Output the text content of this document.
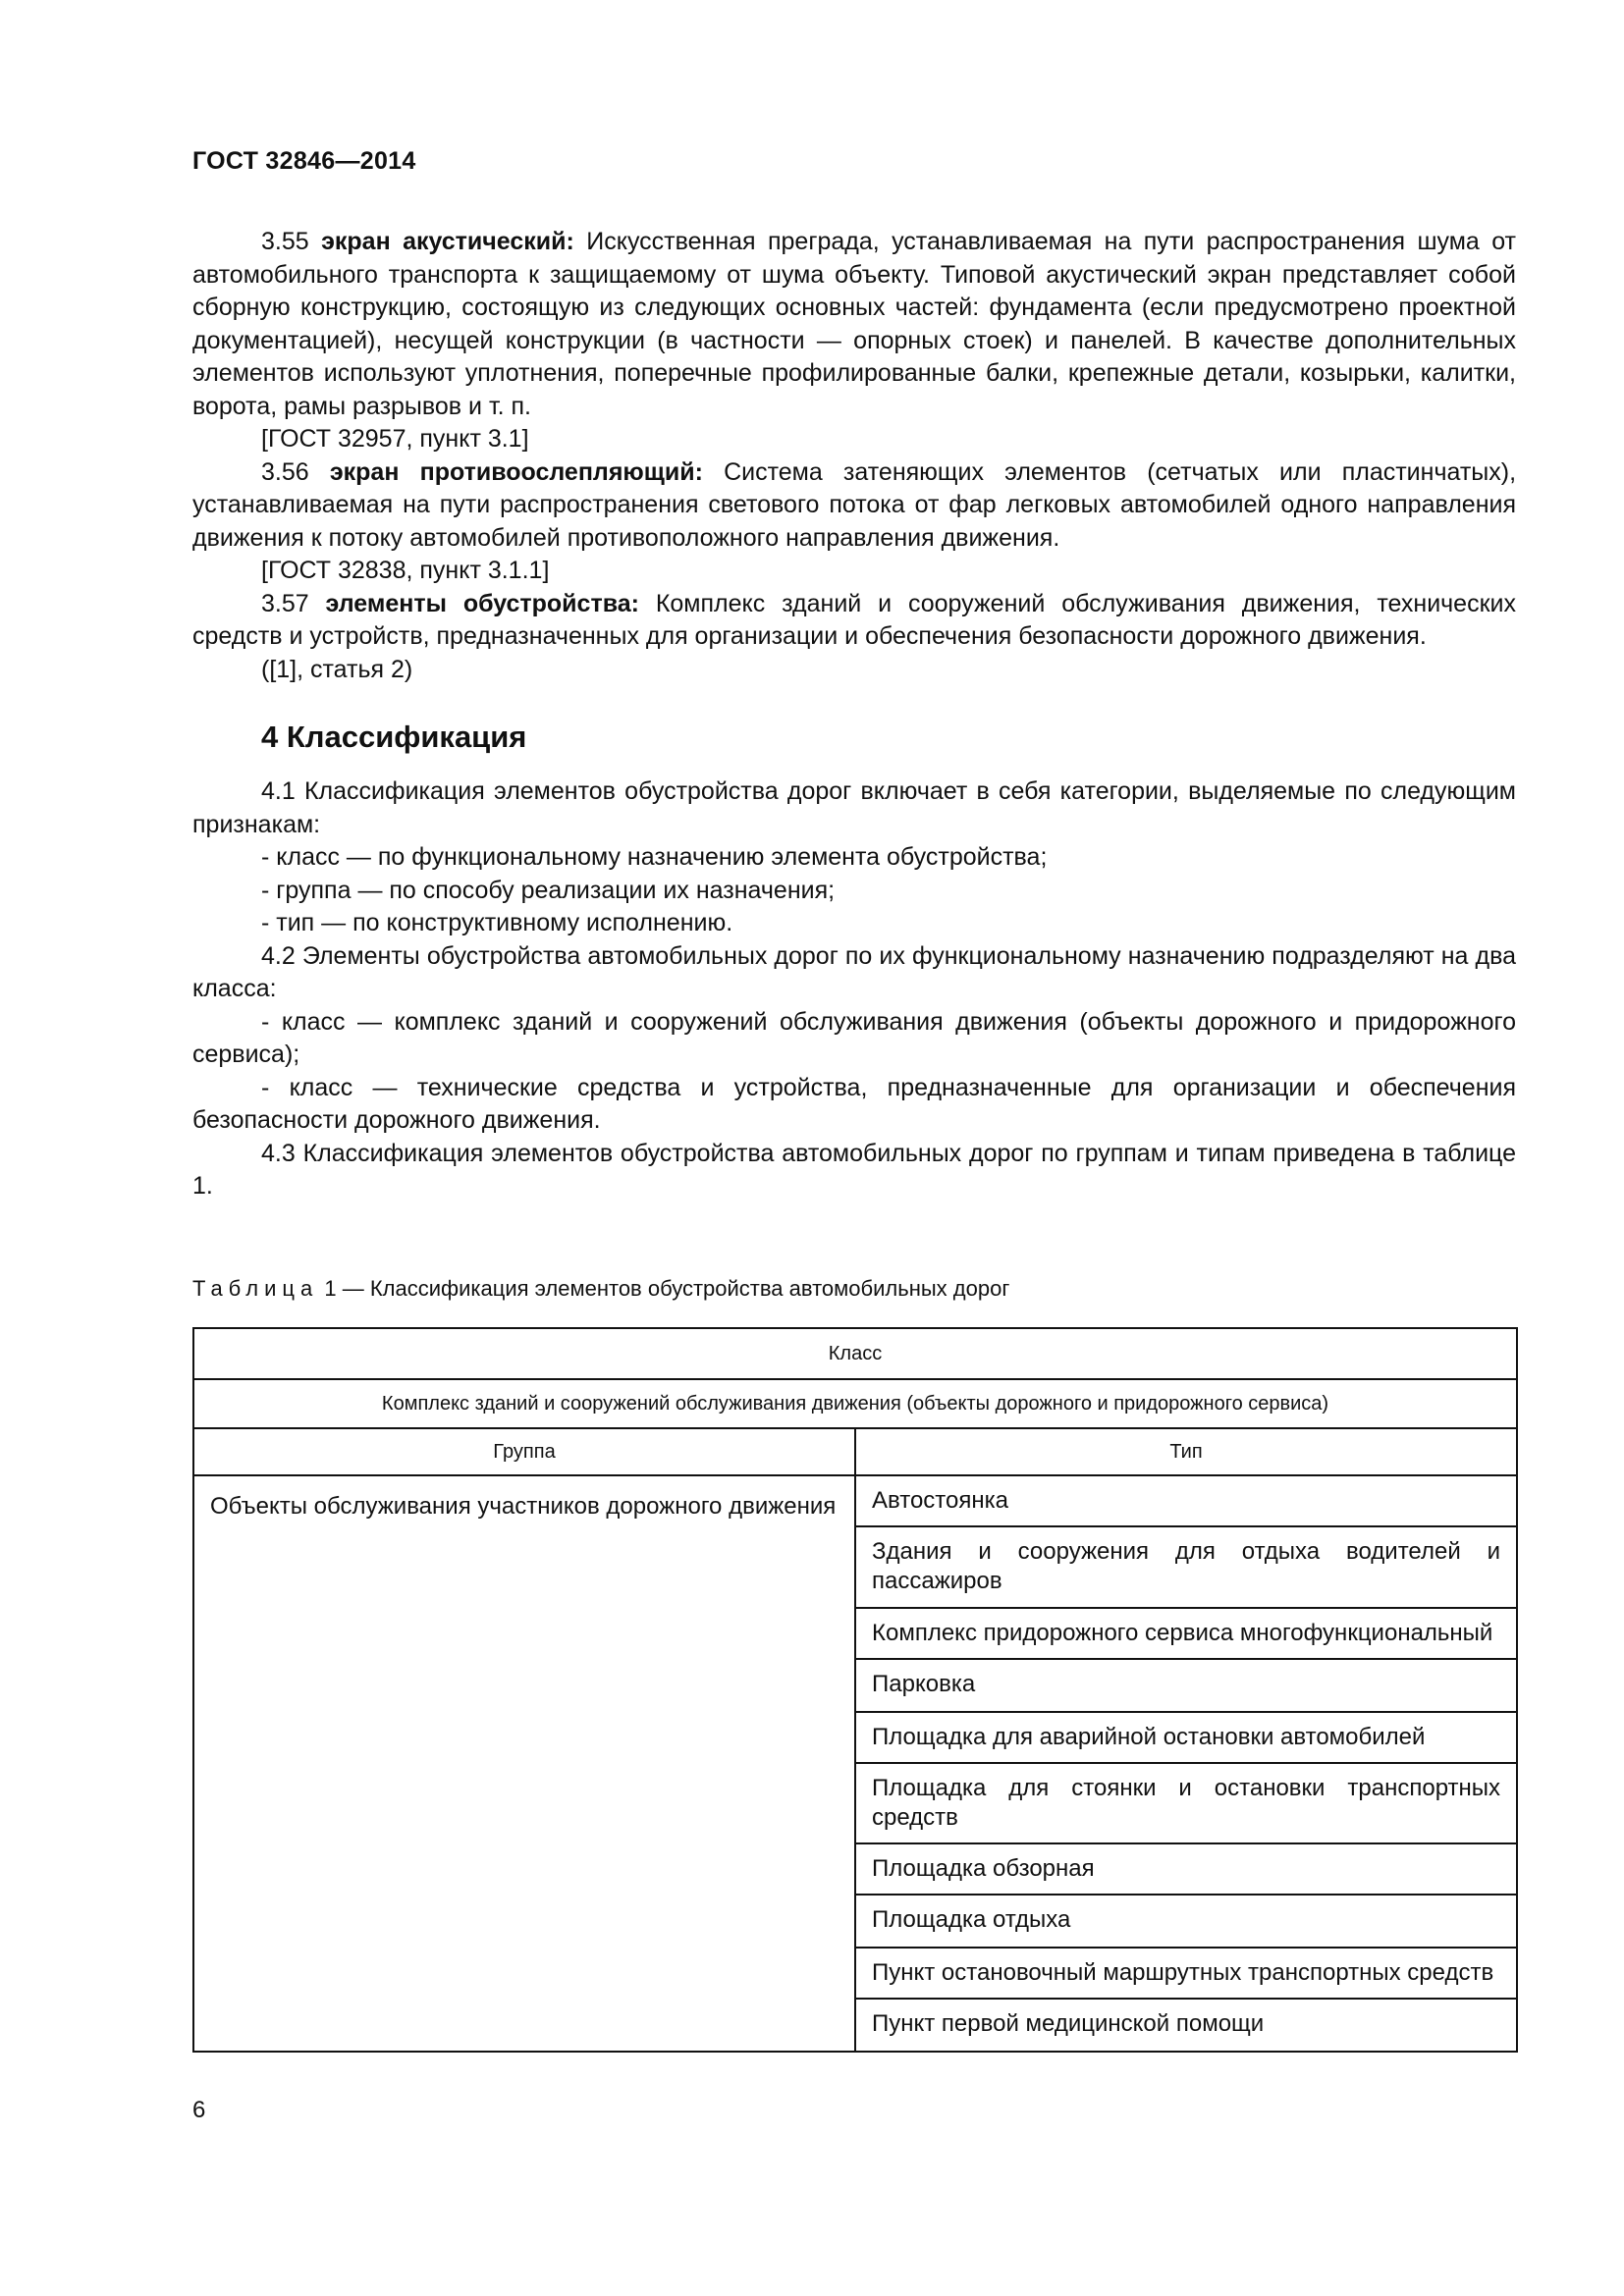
ГОСТ 32846—2014

3.55 экран акустический: Искусственная преграда, устанавливаемая на пути распространения шума от автомобильного транспорта к защищаемому от шума объекту. Типовой акустический экран представляет собой сборную конструкцию, состоящую из следующих основных частей: фундамента (если предусмотрено проектной документацией), несущей конструкции (в частности — опорных стоек) и панелей. В качестве дополнительных элементов используют уплотнения, поперечные профилированные балки, крепежные детали, козырьки, калитки, ворота, рамы разрывов и т. п.

[ГОСТ 32957, пункт 3.1]

3.56 экран противоослепляющий: Система затеняющих элементов (сетчатых или пластинчатых), устанавливаемая на пути распространения светового потока от фар легковых автомобилей одного направления движения к потоку автомобилей противоположного направления движения.

[ГОСТ 32838, пункт 3.1.1]

3.57 элементы обустройства: Комплекс зданий и сооружений обслуживания движения, технических средств и устройств, предназначенных для организации и обеспечения безопасности дорожного движения.

([1], статья 2)

4 Классификация

4.1 Классификация элементов обустройства дорог включает в себя категории, выделяемые по следующим признакам:

- класс — по функциональному назначению элемента обустройства;

- группа — по способу реализации их назначения;

- тип — по конструктивному исполнению.

4.2 Элементы обустройства автомобильных дорог по их функциональному назначению подразделяют на два класса:

- класс — комплекс зданий и сооружений обслуживания движения (объекты дорожного и придорожного сервиса);

- класс — технические средства и устройства, предназначенные для организации и обеспечения безопасности дорожного движения.

4.3 Классификация элементов обустройства автомобильных дорог по группам и типам приведена в таблице 1.

Таблица 1 — Классификация элементов обустройства автомобильных дорог
Класс	
Комплекс зданий и сооружений обслуживания движения (объекты дорожного и придорожного сервиса)	
Группа	Тип
Объекты обслуживания участников дорожного движения	Автостоянка
	Здания и сооружения для отдыха водителей и пассажиров
	Комплекс придорожного сервиса многофункциональный
	Парковка
	Площадка для аварийной остановки автомобилей
	Площадка для стоянки и остановки транспортных средств
	Площадка обзорная
	Площадка отдыха
	Пункт остановочный маршрутных транспортных средств
	Пункт первой медицинской помощи
6
